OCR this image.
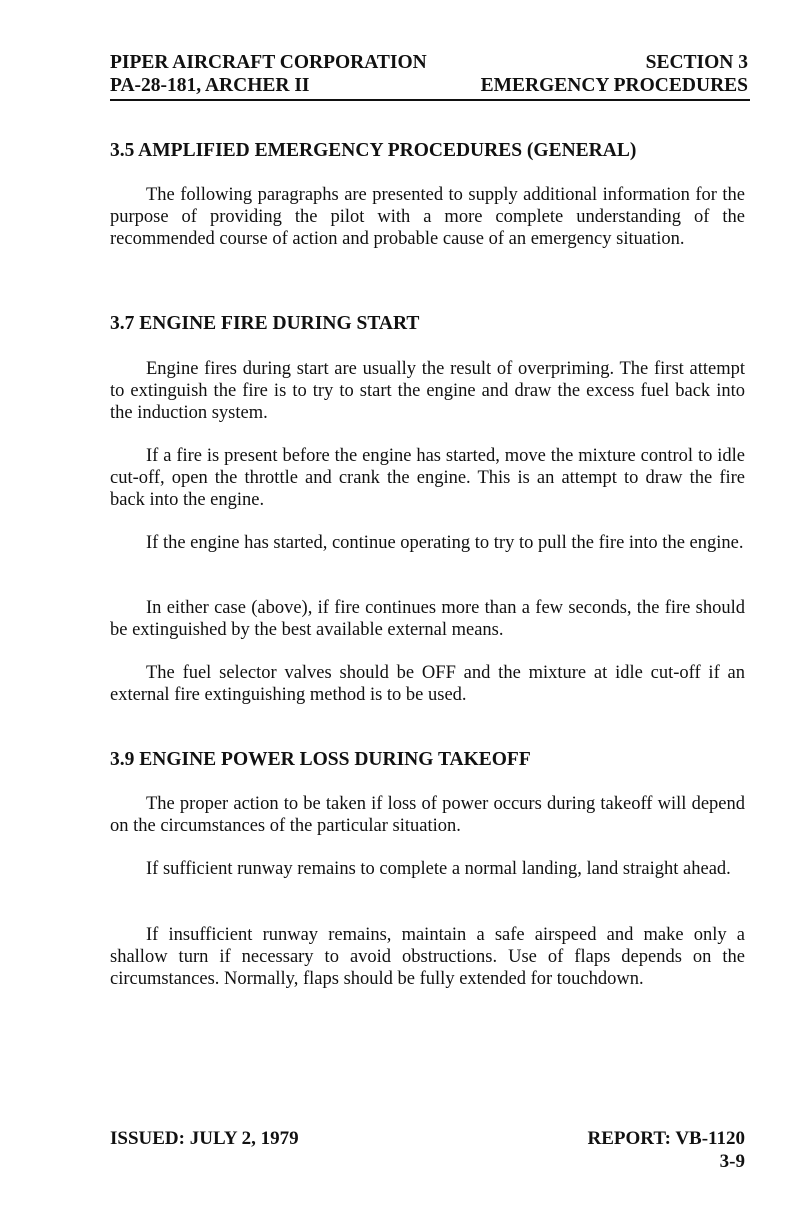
PIPER AIRCRAFT CORPORATION	SECTION 3
PA-28-181, ARCHER II	EMERGENCY PROCEDURES
3.5 AMPLIFIED EMERGENCY PROCEDURES (GENERAL)

The following paragraphs are presented to supply additional information for the purpose of providing the pilot with a more complete understanding of the recommended course of action and probable cause of an emergency situation.

3.7 ENGINE FIRE DURING START

Engine fires during start are usually the result of overpriming. The first attempt to extinguish the fire is to try to start the engine and draw the excess fuel back into the induction system.

If a fire is present before the engine has started, move the mixture control to idle cut-off, open the throttle and crank the engine. This is an attempt to draw the fire back into the engine.

If the engine has started, continue operating to try to pull the fire into the engine.

In either case (above), if fire continues more than a few seconds, the fire should be extinguished by the best available external means.

The fuel selector valves should be OFF and the mixture at idle cut-off if an external fire extinguishing method is to be used.

3.9 ENGINE POWER LOSS DURING TAKEOFF

The proper action to be taken if loss of power occurs during takeoff will depend on the circumstances of the particular situation.

If sufficient runway remains to complete a normal landing, land straight ahead.

If insufficient runway remains, maintain a safe airspeed and make only a shallow turn if necessary to avoid obstructions. Use of flaps depends on the circumstances. Normally, flaps should be fully extended for touchdown.

ISSUED: JULY 2, 1979	REPORT: VB-1120
3-9
